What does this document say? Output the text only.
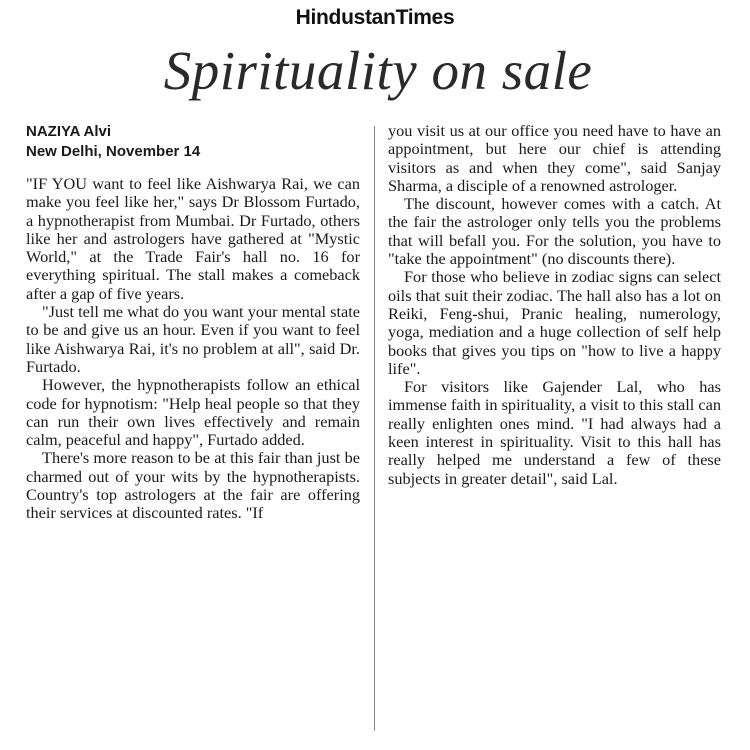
HindustanTimes
Spirituality on sale
NAZIYA Alvi
New Delhi, November 14
"IF YOU want to feel like Aishwarya Rai, we can make you feel like her," says Dr Blossom Furtado, a hypnotherapist from Mumbai. Dr Furtado, others like her and astrologers have gathered at "Mystic World," at the Trade Fair's hall no. 16 for everything spiritual. The stall makes a comeback after a gap of five years.
"Just tell me what do you want your mental state to be and give us an hour. Even if you want to feel like Aishwarya Rai, it's no problem at all", said Dr. Furtado.
However, the hypnotherapists follow an ethical code for hypnotism: "Help heal people so that they can run their own lives effectively and remain calm, peaceful and happy", Furtado added.
There's more reason to be at this fair than just be charmed out of your wits by the hypnotherapists. Country's top astrologers at the fair are offering their services at discounted rates. "If
you visit us at our office you need have to have an appointment, but here our chief is attending visitors as and when they come", said Sanjay Sharma, a disciple of a renowned astrologer.
The discount, however comes with a catch. At the fair the astrologer only tells you the problems that will befall you. For the solution, you have to "take the appointment" (no discounts there).
For those who believe in zodiac signs can select oils that suit their zodiac. The hall also has a lot on Reiki, Feng-shui, Pranic healing, numerology, yoga, mediation and a huge collection of self help books that gives you tips on "how to live a happy life".
For visitors like Gajender Lal, who has immense faith in spirituality, a visit to this stall can really enlighten ones mind. "I had always had a keen interest in spirituality. Visit to this hall has really helped me understand a few of these subjects in greater detail", said Lal.
